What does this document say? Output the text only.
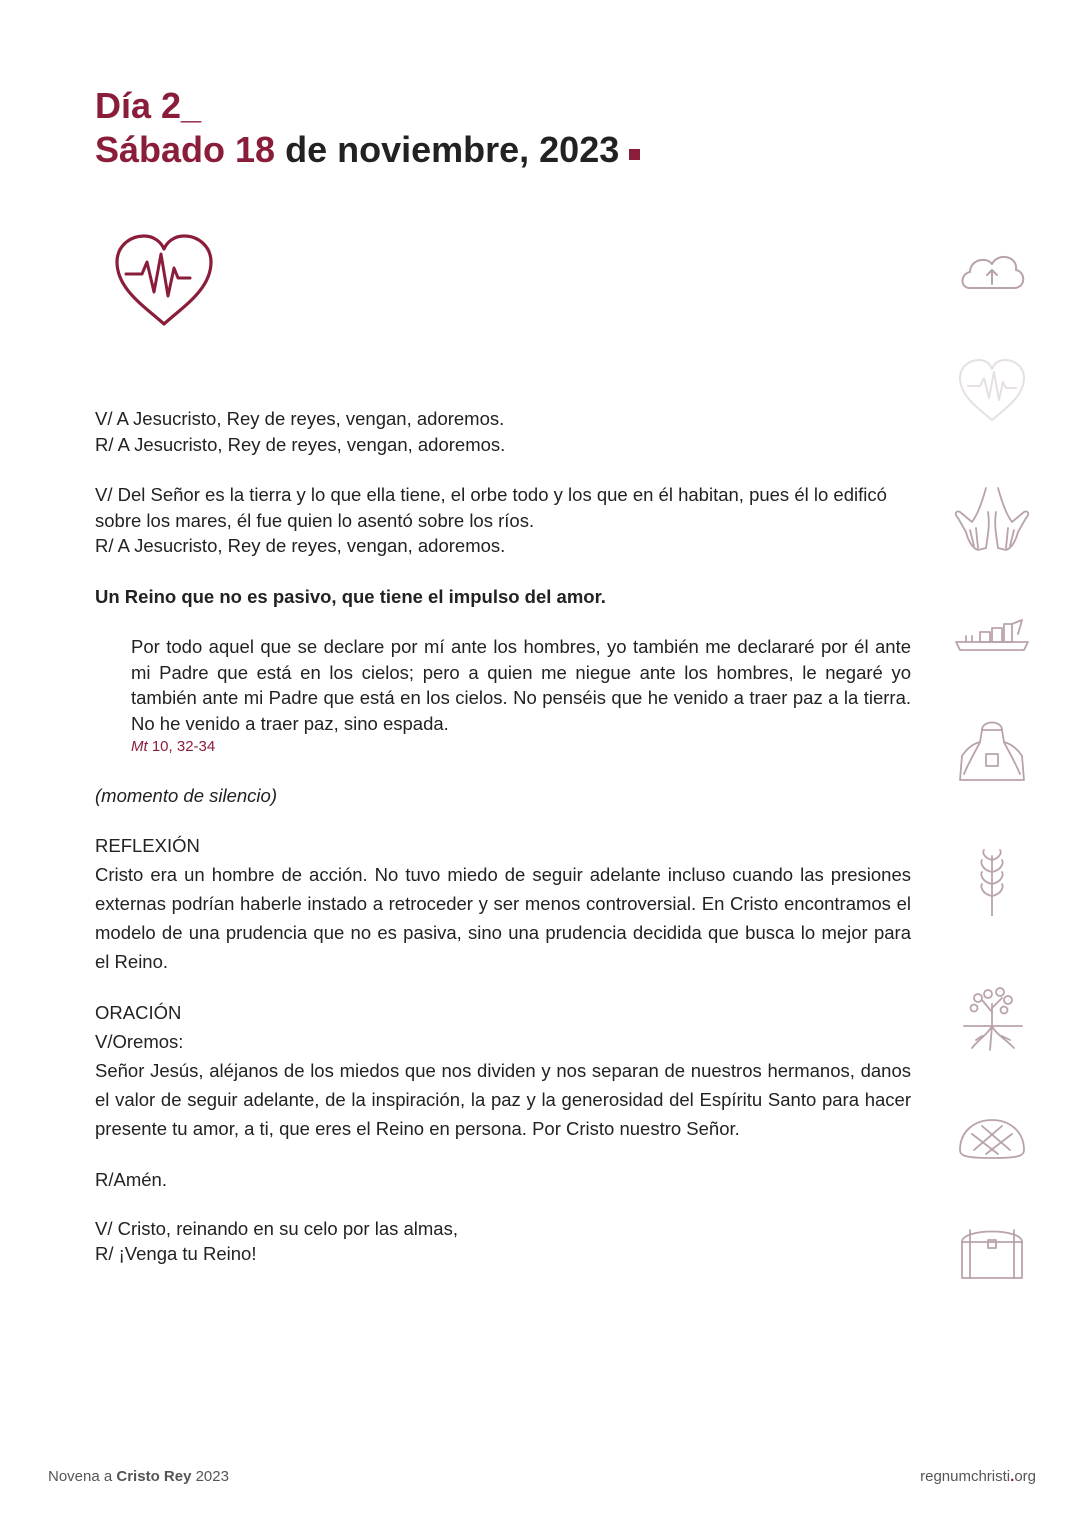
Día 2_
Sábado 18 de noviembre, 2023

V/ A Jesucristo, Rey de reyes, vengan, adoremos.

R/ A Jesucristo, Rey de reyes, vengan, adoremos.

V/ Del Señor es la tierra y lo que ella tiene, el orbe todo y los que en él habitan, pues él lo edificó sobre los mares, él fue quien lo asentó sobre los ríos.

R/ A Jesucristo, Rey de reyes, vengan, adoremos.

Un Reino que no es pasivo, que tiene el impulso del amor.

Por todo aquel que se declare por mí ante los hombres, yo también me declararé por él ante mi Padre que está en los cielos; pero a quien me niegue ante los hombres, le negaré yo también ante mi Padre que está en los cielos. No penséis que he venido a traer paz a la tierra. No he venido a traer paz, sino espada.

Mt 10, 32-34

(momento de silencio)

REFLEXIÓN

Cristo era un hombre de acción. No tuvo miedo de seguir adelante incluso cuando las presiones externas podrían haberle instado a retroceder y ser menos controversial. En Cristo encontramos el modelo de una prudencia que no es pasiva, sino una prudencia decidida que busca lo mejor para el Reino.

ORACIÓN

V/Oremos:

Señor Jesús, aléjanos de los miedos que nos dividen y nos separan de nuestros hermanos, danos el valor de seguir adelante, de la inspiración, la paz y la generosidad del Espíritu Santo para hacer presente tu amor, a ti, que eres el Reino en persona. Por Cristo nuestro Señor.

R/Amén.

V/ Cristo, reinando en su celo por las almas,

R/ ¡Venga tu Reino!

Novena a Cristo Rey 2023	regnumchristi.org
